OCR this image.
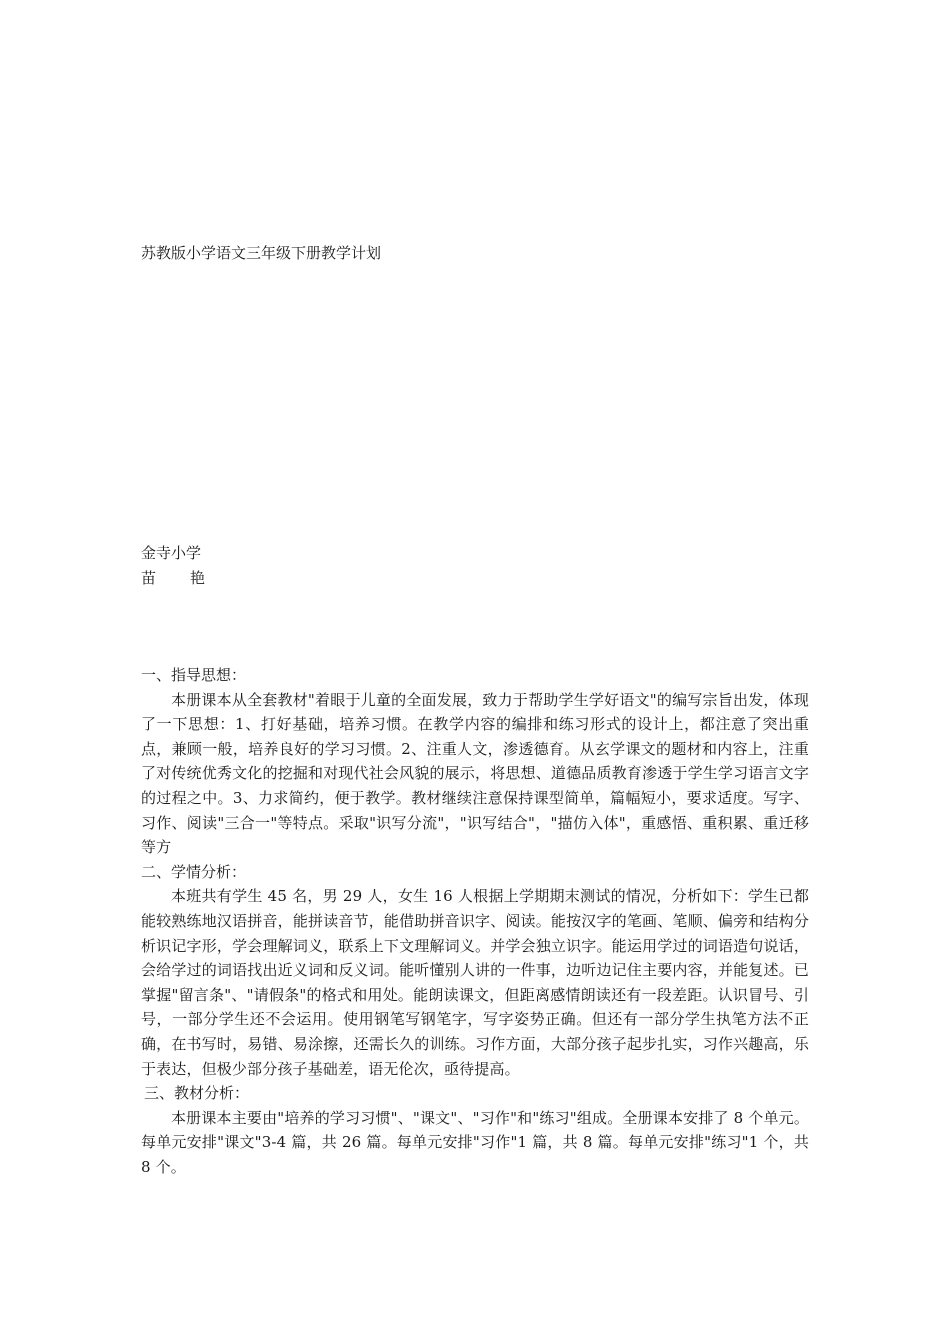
苏教版小学语文三年级下册教学计划
金寺小学
苗 艳

一、指导思想：

本册课本从全套教材"着眼于儿童的全面发展，致力于帮助学生学好语文"的编写宗旨出发，体现了一下思想：1、打好基础，培养习惯。在教学内容的编排和练习形式的设计上，都注意了突出重点，兼顾一般，培养良好的学习习惯。2、注重人文，渗透德育。从玄学课文的题材和内容上，注重了对传统优秀文化的挖掘和对现代社会风貌的展示，将思想、道德品质教育渗透于学生学习语言文字的过程之中。3、力求简约，便于教学。教材继续注意保持课型简单，篇幅短小，要求适度。写字、习作、阅读"三合一"等特点。采取"识写分流"，"识写结合"，"描仿入体"，重感悟、重积累、重迁移等方

二、学情分析：

本班共有学生 45 名，男 29 人，女生 16 人根据上学期期末测试的情况，分析如下：学生已都能较熟练地汉语拼音，能拼读音节，能借助拼音识字、阅读。能按汉字的笔画、笔顺、偏旁和结构分析识记字形，学会理解词义，联系上下文理解词义。并学会独立识字。能运用学过的词语造句说话，会给学过的词语找出近义词和反义词。能听懂别人讲的一件事，边听边记住主要内容，并能复述。已掌握"留言条"、"请假条"的格式和用处。能朗读课文，但距离感情朗读还有一段差距。认识冒号、引号，一部分学生还不会运用。使用钢笔写钢笔字，写字姿势正确。但还有一部分学生执笔方法不正确，在书写时，易错、易涂擦，还需长久的训练。习作方面，大部分孩子起步扎实，习作兴趣高，乐于表达，但极少部分孩子基础差，语无伦次，亟待提高。

三、教材分析：

本册课本主要由"培养的学习习惯"、"课文"、"习作"和"练习"组成。全册课本安排了 8 个单元。每单元安排"课文"3-4 篇，共 26 篇。每单元安排"习作"1 篇，共 8 篇。每单元安排"练习"1 个，共 8 个。
